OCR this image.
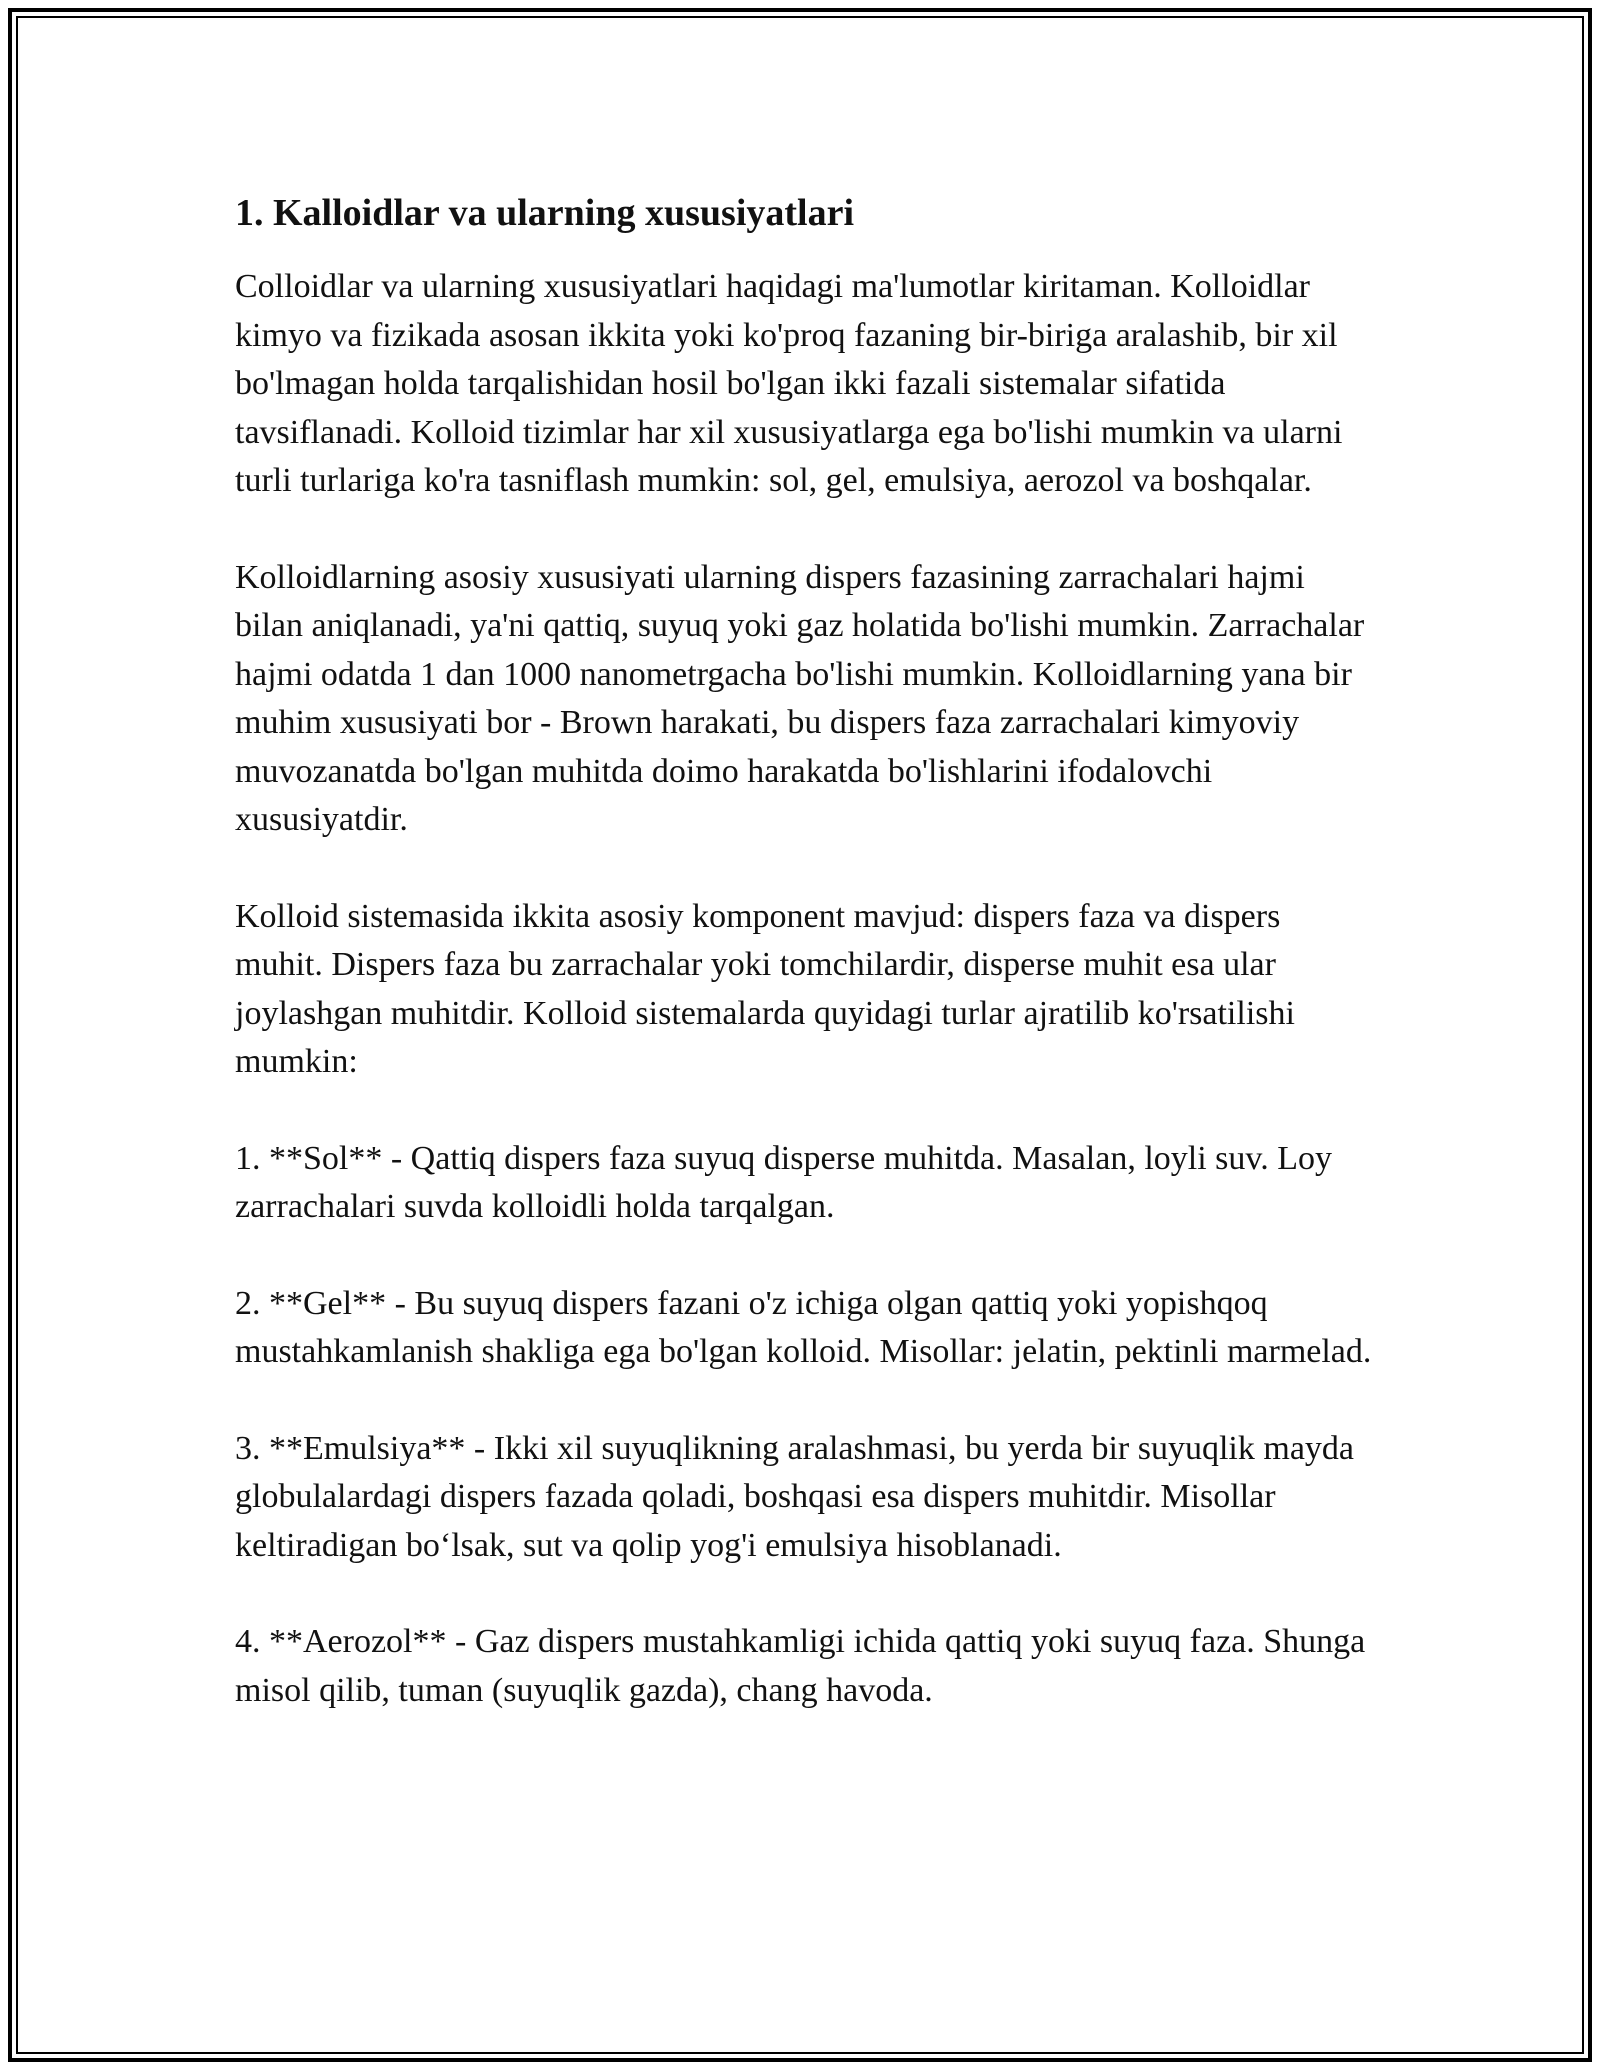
1. Kalloidlar va ularning xususiyatlari

Colloidlar va ularning xususiyatlari haqidagi ma'lumotlar kiritaman. Kolloidlar kimyo va fizikada asosan ikkita yoki ko'proq fazaning bir-biriga aralashib, bir xil bo'lmagan holda tarqalishidan hosil bo'lgan ikki fazali sistemalar sifatida tavsiflanadi. Kolloid tizimlar har xil xususiyatlarga ega bo'lishi mumkin va ularni turli turlariga ko'ra tasniflash mumkin: sol, gel, emulsiya, aerozol va boshqalar.

Kolloidlarning asosiy xususiyati ularning dispers fazasining zarrachalari hajmi bilan aniqlanadi, ya'ni qattiq, suyuq yoki gaz holatida bo'lishi mumkin. Zarrachalar hajmi odatda 1 dan 1000 nanometrgacha bo'lishi mumkin. Kolloidlarning yana bir muhim xususiyati bor - Brown harakati, bu dispers faza zarrachalari kimyoviy muvozanatda bo'lgan muhitda doimo harakatda bo'lishlarini ifodalovchi xususiyatdir.

Kolloid sistemasida ikkita asosiy komponent mavjud: dispers faza va dispers muhit. Dispers faza bu zarrachalar yoki tomchilardir, disperse muhit esa ular joylashgan muhitdir. Kolloid sistemalarda quyidagi turlar ajratilib ko'rsatilishi mumkin:

1. **Sol** - Qattiq dispers faza suyuq disperse muhitda. Masalan, loyli suv. Loy zarrachalari suvda kolloidli holda tarqalgan.

2. **Gel** - Bu suyuq dispers fazani o'z ichiga olgan qattiq yoki yopishqoq mustahkamlanish shakliga ega bo'lgan kolloid. Misollar: jelatin, pektinli marmelad.

3. **Emulsiya** - Ikki xil suyuqlikning aralashmasi, bu yerda bir suyuqlik mayda globulalardagi dispers fazada qoladi, boshqasi esa dispers muhitdir. Misollar keltiradigan bo‘lsak, sut va qolip yog'i emulsiya hisoblanadi.

4. **Aerozol** - Gaz dispers mustahkamligi ichida qattiq yoki suyuq faza. Shunga misol qilib, tuman (suyuqlik gazda), chang havoda.
